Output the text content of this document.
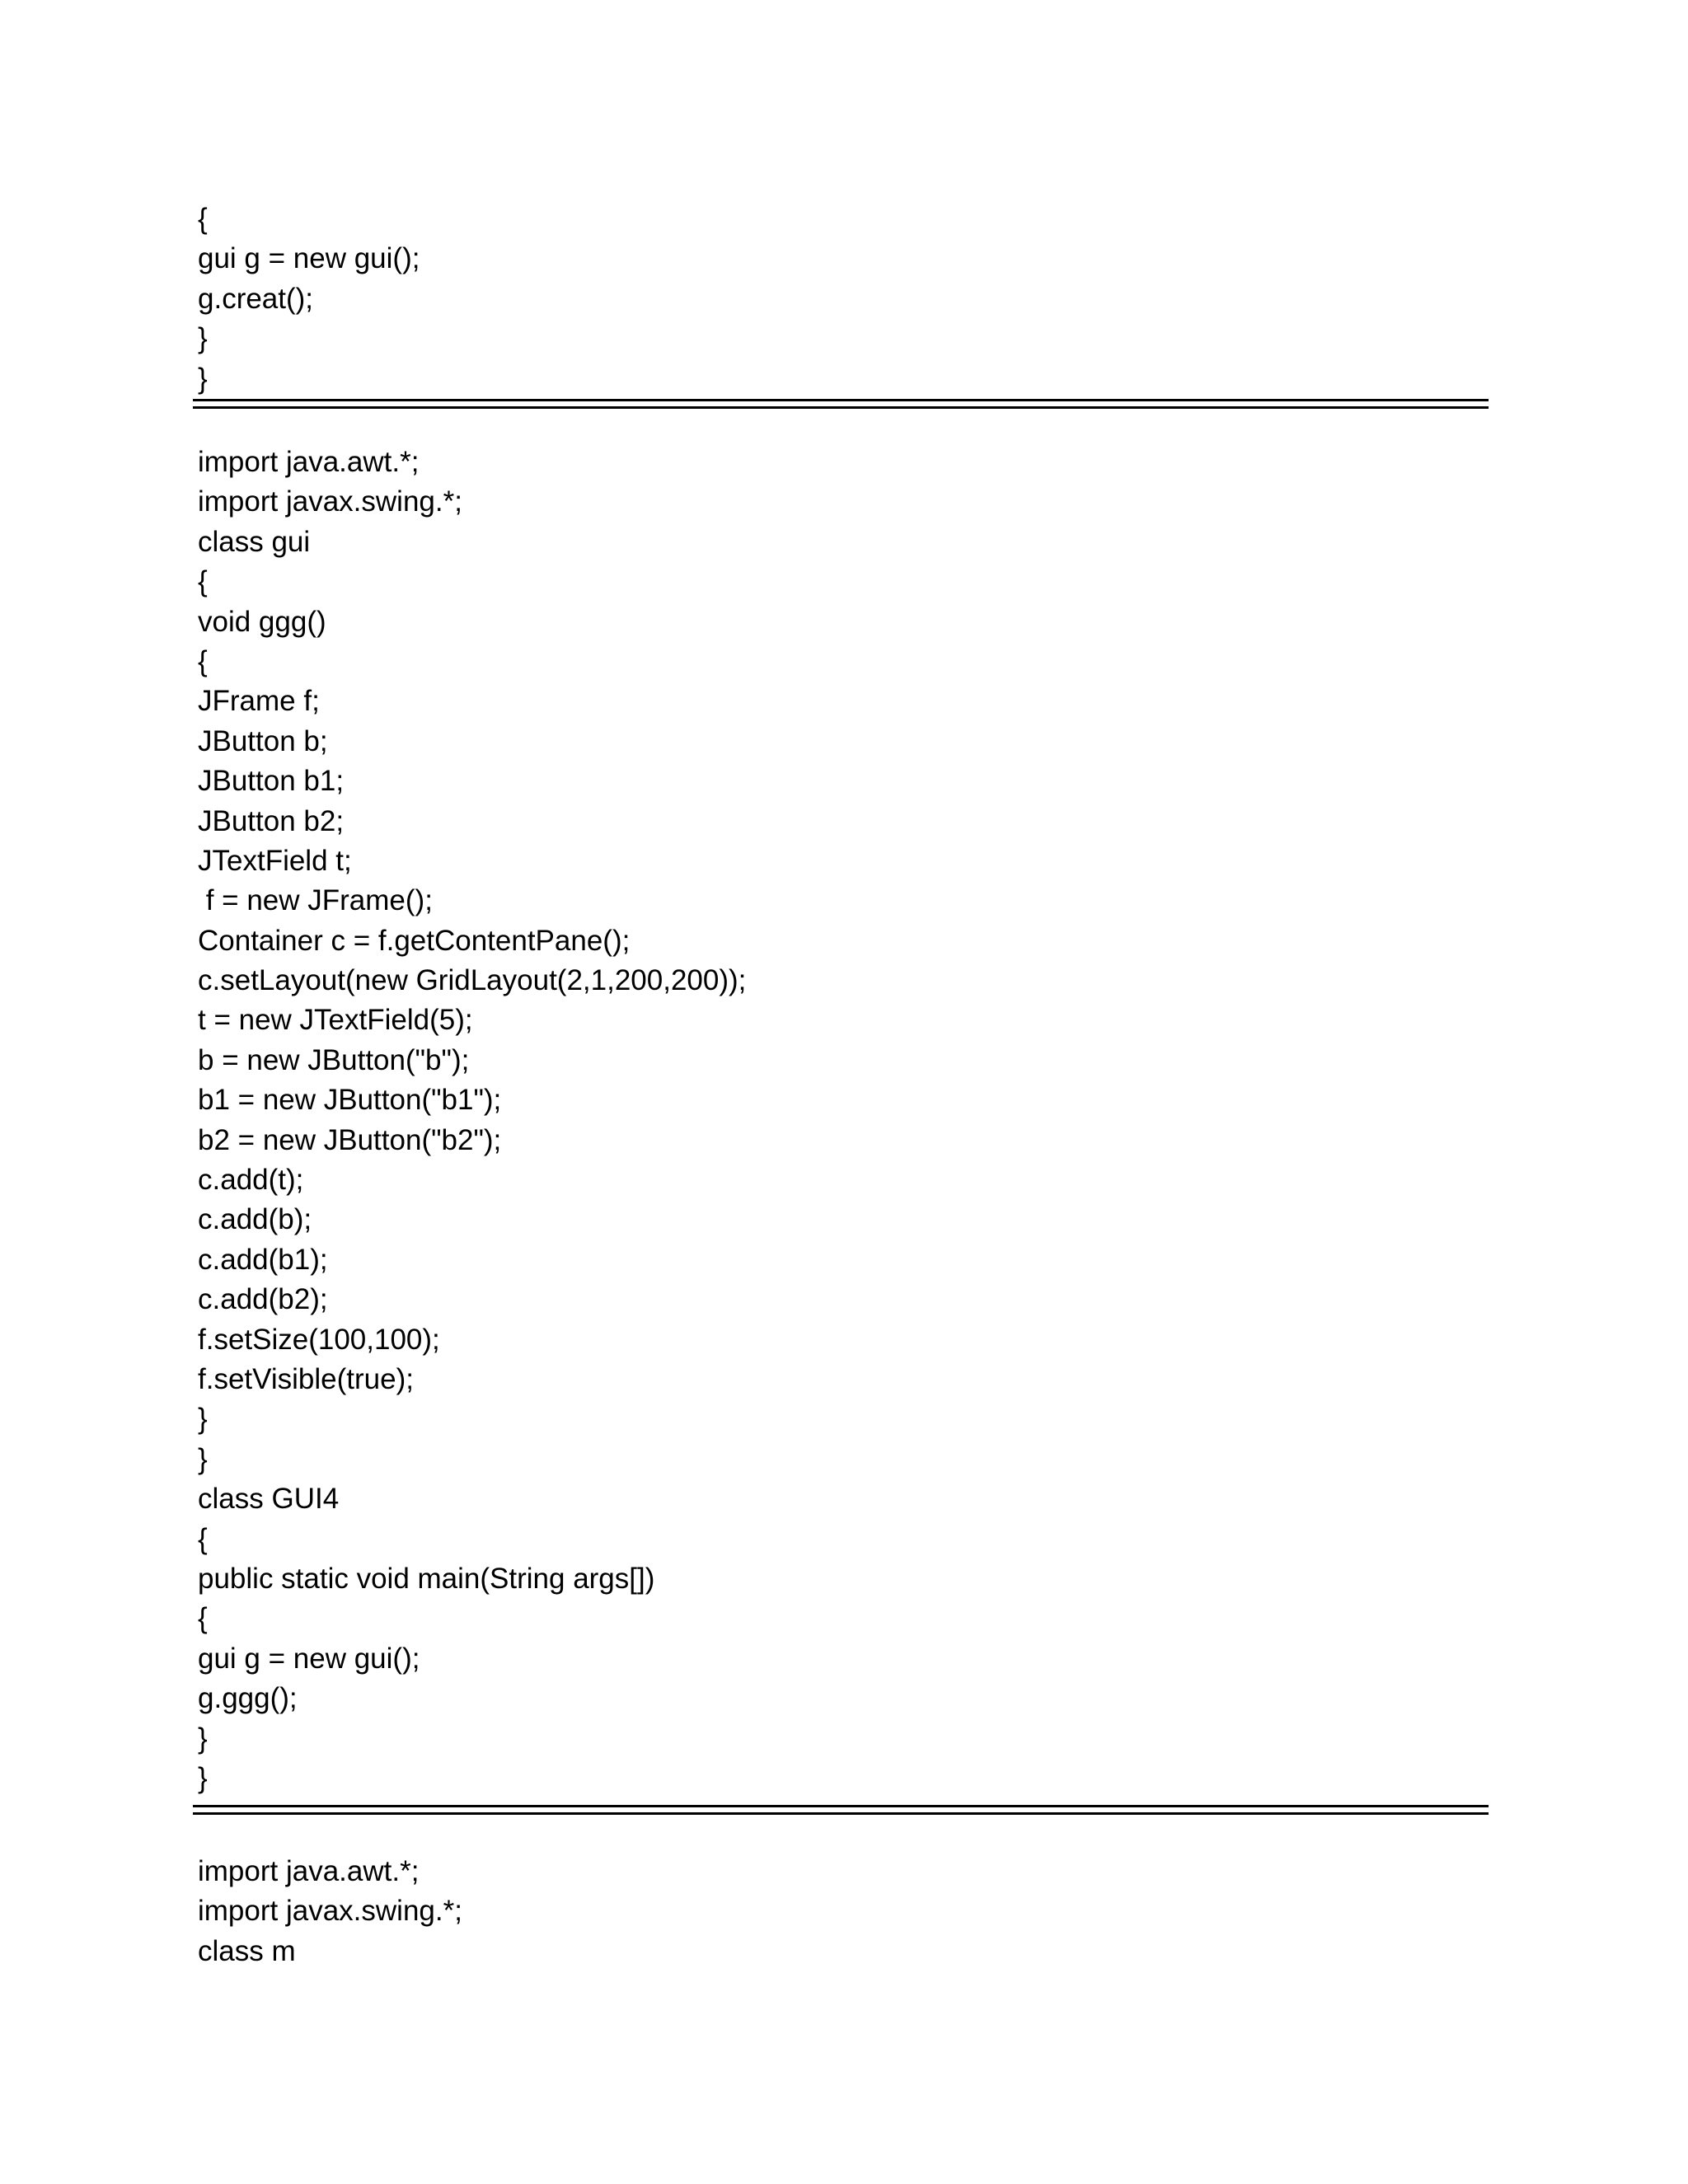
{
gui g = new gui();
g.creat();
}
}
import java.awt.*;
import javax.swing.*;
class gui
{
void ggg()
{
JFrame f;
JButton b;
JButton b1;
JButton b2;
JTextField t;
f = new JFrame();
Container c = f.getContentPane();
c.setLayout(new GridLayout(2,1,200,200));
t = new JTextField(5);
b = new JButton("b");
b1 = new JButton("b1");
b2 = new JButton("b2");
c.add(t);
c.add(b);
c.add(b1);
c.add(b2);
f.setSize(100,100);
f.setVisible(true);
}
}
class GUI4
{
public static void main(String args[])
{
gui g = new gui();
g.ggg();
}
}
import java.awt.*;
import javax.swing.*;
class m
